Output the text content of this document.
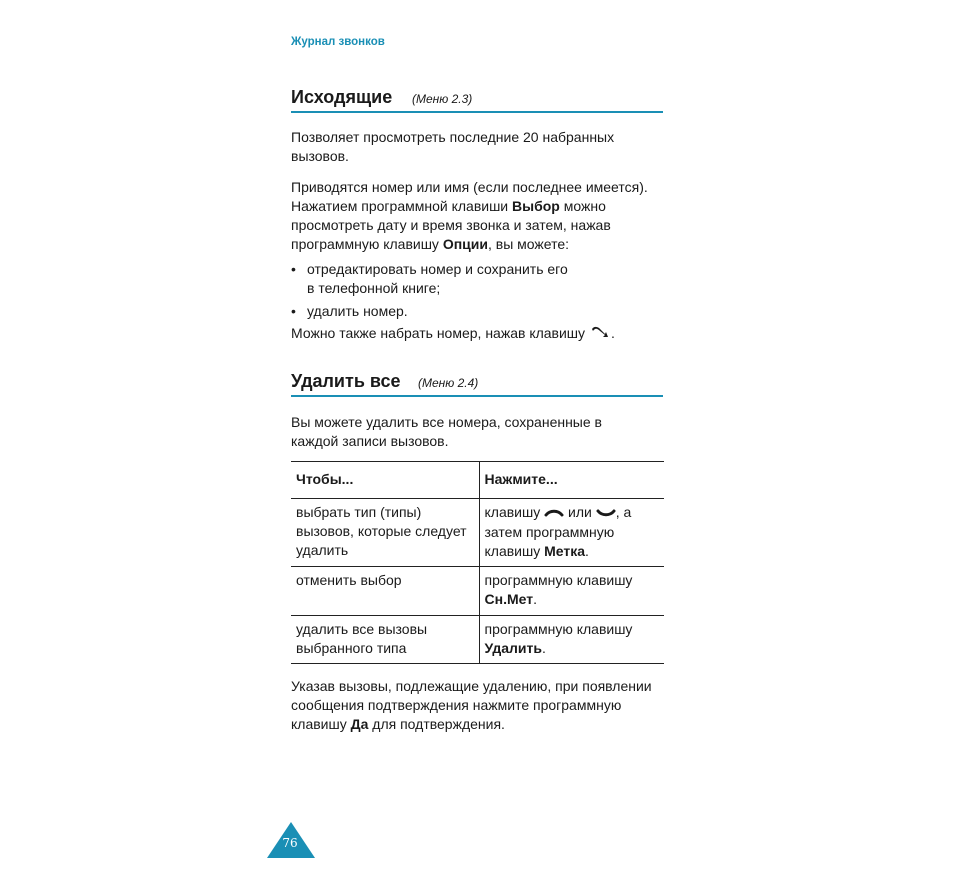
Журнал звонков
Исходящие (Меню 2.3)

Позволяет просмотреть последние 20 набранных вызовов.

Приводятся номер или имя (если последнее имеется). Нажатием программной клавиши Выбор можно просмотреть дату и время звонка и затем, нажав программную клавишу Опции, вы можете:

• отредактировать номер и сохранить его в телефонной книге;
• удалить номер.

Можно также набрать номер, нажав клавишу .

Удалить все (Меню 2.4)

Вы можете удалить все номера, сохраненные в каждой записи вызовов.

Чтобы...	Нажмите...
выбрать тип (типы) вызовов, которые следует удалить	клавишу или , а затем программную клавишу Метка.
отменить выбор	программную клавишу Сн.Мет.
удалить все вызовы выбранного типа	программную клавишу Удалить.

Указав вызовы, подлежащие удалению, при появлении сообщения подтверждения нажмите программную клавишу Да для подтверждения.

76
